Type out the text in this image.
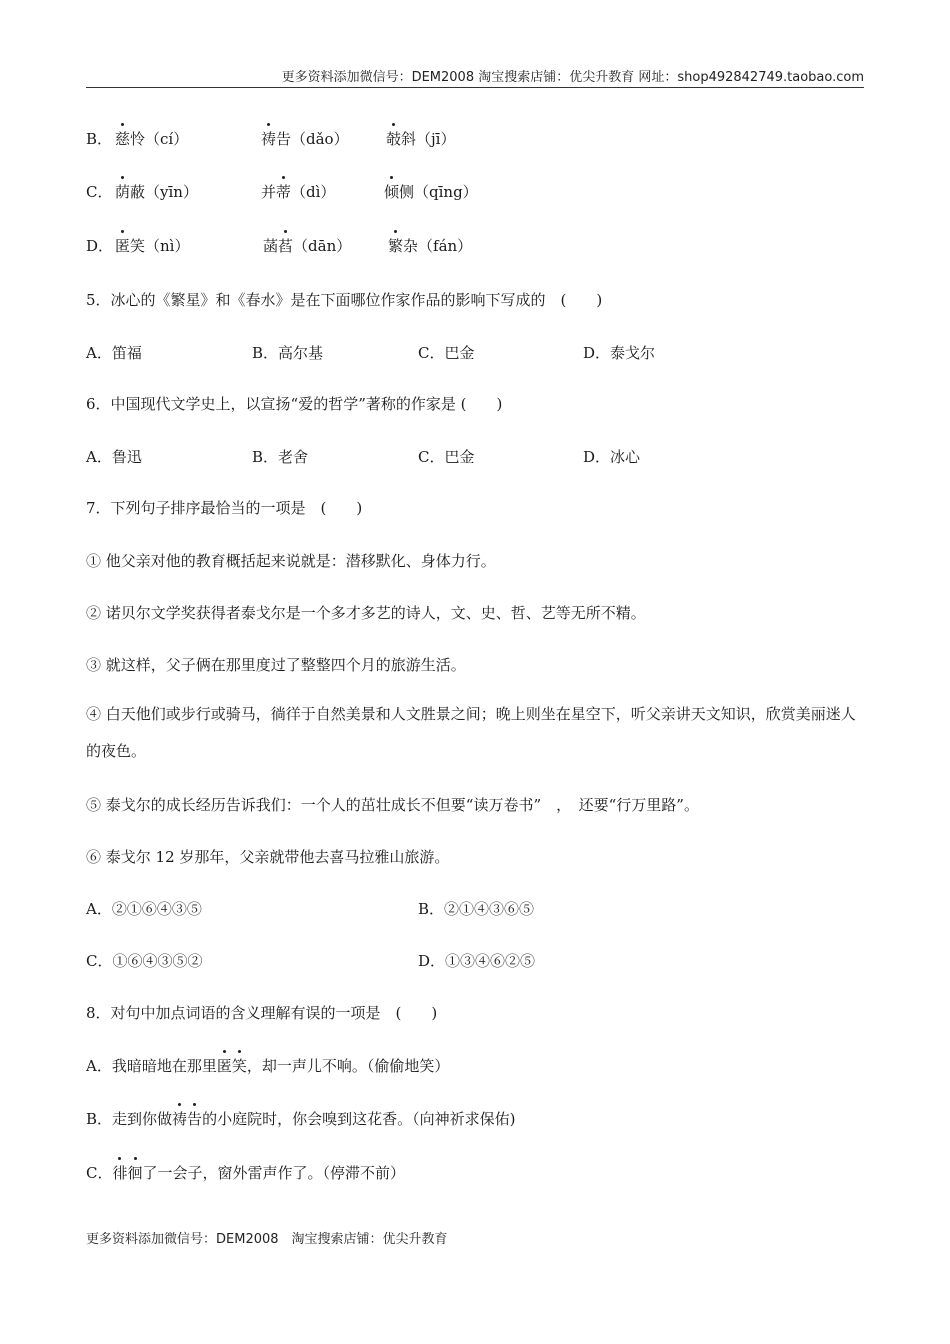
更多资料添加微信号：DEM2008 淘宝搜索店铺：优尖升教育 网址：shop492842749.taobao.com
B． 慈怜（cí）	祷告（dǎo） 攲斜（jī）
C． 荫蔽（yīn）	并蒂（dì）	倾侧（qīng）
D． 匿笑（nì）	菡萏（dān） 繁杂（fán）
5．冰心的《繁星》和《春水》是在下面哪位作家作品的影响下写成的　(　　)
A．笛福	B．高尔基	C．巴金	D．泰戈尔
6．中国现代文学史上，以宣扬“爱的哲学”著称的作家是 (　　)
A．鲁迅	B．老舍	C．巴金	D．冰心
7．下列句子排序最恰当的一项是　(　　)
① 他父亲对他的教育概括起来说就是：潜移默化、身体力行。
② 诺贝尔文学奖获得者泰戈尔是一个多才多艺的诗人，文、史、哲、艺等无所不精。
③ 就这样，父子俩在那里度过了整整四个月的旅游生活。
④ 白天他们或步行或骑马，徜徉于自然美景和人文胜景之间；晚上则坐在星空下，听父亲讲天文知识，欣赏美丽迷人的夜色。
⑤ 泰戈尔的成长经历告诉我们：一个人的茁壮成长不但要“读万卷书”　，　还要“行万里路”。
⑥ 泰戈尔 12 岁那年，父亲就带他去喜马拉雅山旅游。
A．②①⑥④③⑤	B．②①④③⑥⑤
C．①⑥④③⑤②	D．①③④⑥②⑤
8．对句中加点词语的含义理解有误的一项是　(　　)
A．我暗暗地在那里匿笑，却一声儿不响。（偷偷地笑）
B．走到你做祷告的小庭院时，你会嗅到这花香。（向神祈求保佑)
C．徘徊了一会子，窗外雷声作了。（停滞不前）
更多资料添加微信号：DEM2008　淘宝搜索店铺：优尖升教育
